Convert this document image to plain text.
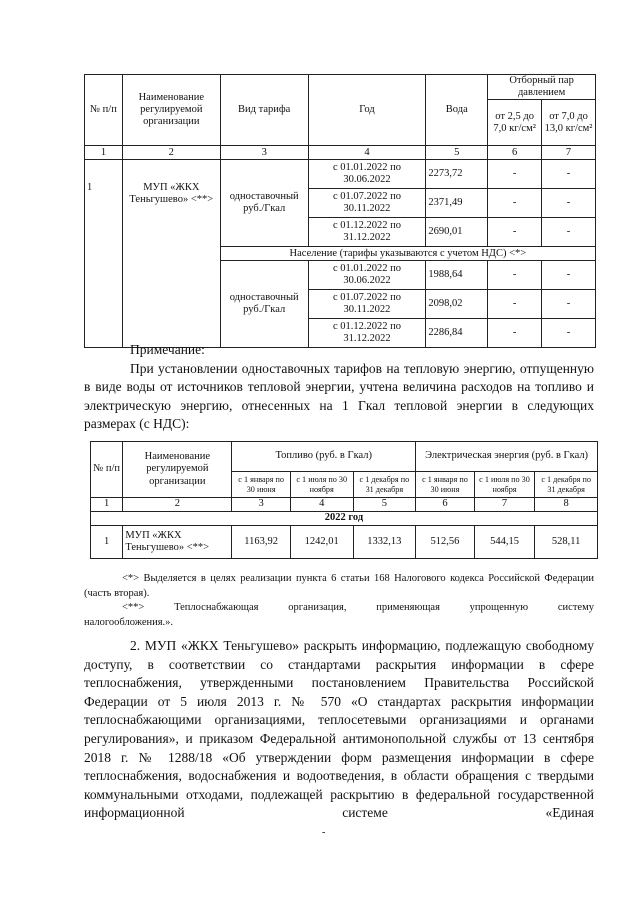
№ п/п	Наименование регулируемой организации	Вид тарифа	Год	Вода	Отборный пар давлением	
					от 2,5 до 7,0 кг/см²	от 7,0 до 13,0 кг/см²
1	2	3	4	5	6	7
1	МУП «ЖКХ Теньгушево» <**>	одноставочный руб./Гкал	с 01.01.2022 по 30.06.2022	2273,72	-	-
			с 01.07.2022 по 30.11.2022	2371,49	-	-
			с 01.12.2022 по 31.12.2022	2690,01	-	-
		Население (тарифы указываются с учетом НДС) <*>				
		одноставочный руб./Гкал	с 01.01.2022 по 30.06.2022	1988,64	-	-
			с 01.07.2022 по 30.11.2022	2098,02	-	-
			с 01.12.2022 по 31.12.2022	2286,84	-	-

Примечание:

При установлении одноставочных тарифов на тепловую энергию, отпущенную в виде воды от источников тепловой энергии, учтена величина расходов на топливо и электрическую энергию, отнесенных на 1 Гкал тепловой энергии в следующих размерах (с НДС):

№ п/п	Наименование регулируемой организации	Топливо (руб. в Гкал)			Электрическая энергия (руб. в Гкал)		
		с 1 января по 30 июня	с 1 июля по 30 ноября	с 1 декабря по 31 декабря	с 1 января по 30 июня	с 1 июля по 30 ноября	с 1 декабря по 31 декабря
1	2	3	4	5	6	7	8
2022 год							
1	МУП «ЖКХ Теньгушево» <**>	1163,92	1242,01	1332,13	512,56	544,15	528,11

<*> Выделяется в целях реализации пункта 6 статьи 168 Налогового кодекса Российской Федерации (часть вторая).

<**> Теплоснабжающая организация, применяющая упрощенную систему

налогообложения.».

2. МУП «ЖКХ Теньгушево» раскрыть информацию, подлежащую свободному доступу, в соответствии со стандартами раскрытия информации в сфере теплоснабжения, утвержденными постановлением Правительства Российской Федерации от 5 июля 2013 г. № 570 «О стандартах раскрытия информации теплоснабжающими организациями, теплосетевыми организациями и органами регулирования», и приказом Федеральной антимонопольной службы от 13 сентября 2018 г. № 1288/18 «Об утверждении форм размещения информации в сфере теплоснабжения, водоснабжения и водоотведения, в области обращения с твердыми коммунальными отходами, подлежащей раскрытию в федеральной государственной информационной системе «Единая

-
